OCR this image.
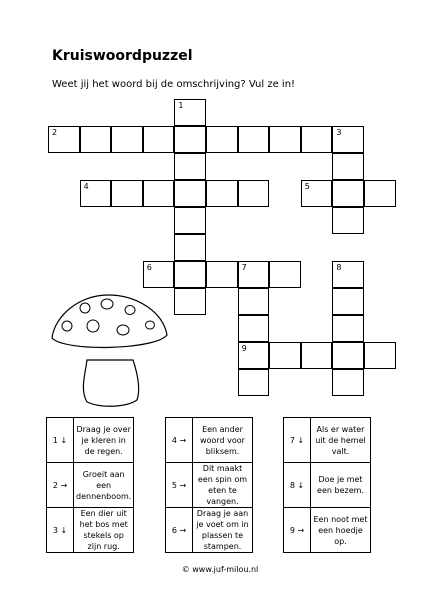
Kruiswoordpuzzel

Weet jij het woord bij de omschrijving? Vul ze in!

1
2	3
4	5
6	7	8
9
1 ↓	Draag je over je kleren in de regen.
2 →	Groeit aan een dennenboom.
3 ↓	Een dier uit het bos met stekels op zijn rug.
4 →	Een ander woord voor bliksem.
5 →	Dit maakt een spin om eten te vangen.
6 →	Draag je aan je voet om in plassen te stampen.
7 ↓	Als er water uit de hemel valt.
8 ↓	Doe je met een bezem.
9 →	Een noot met een hoedje op.

© www.juf-milou.nl
